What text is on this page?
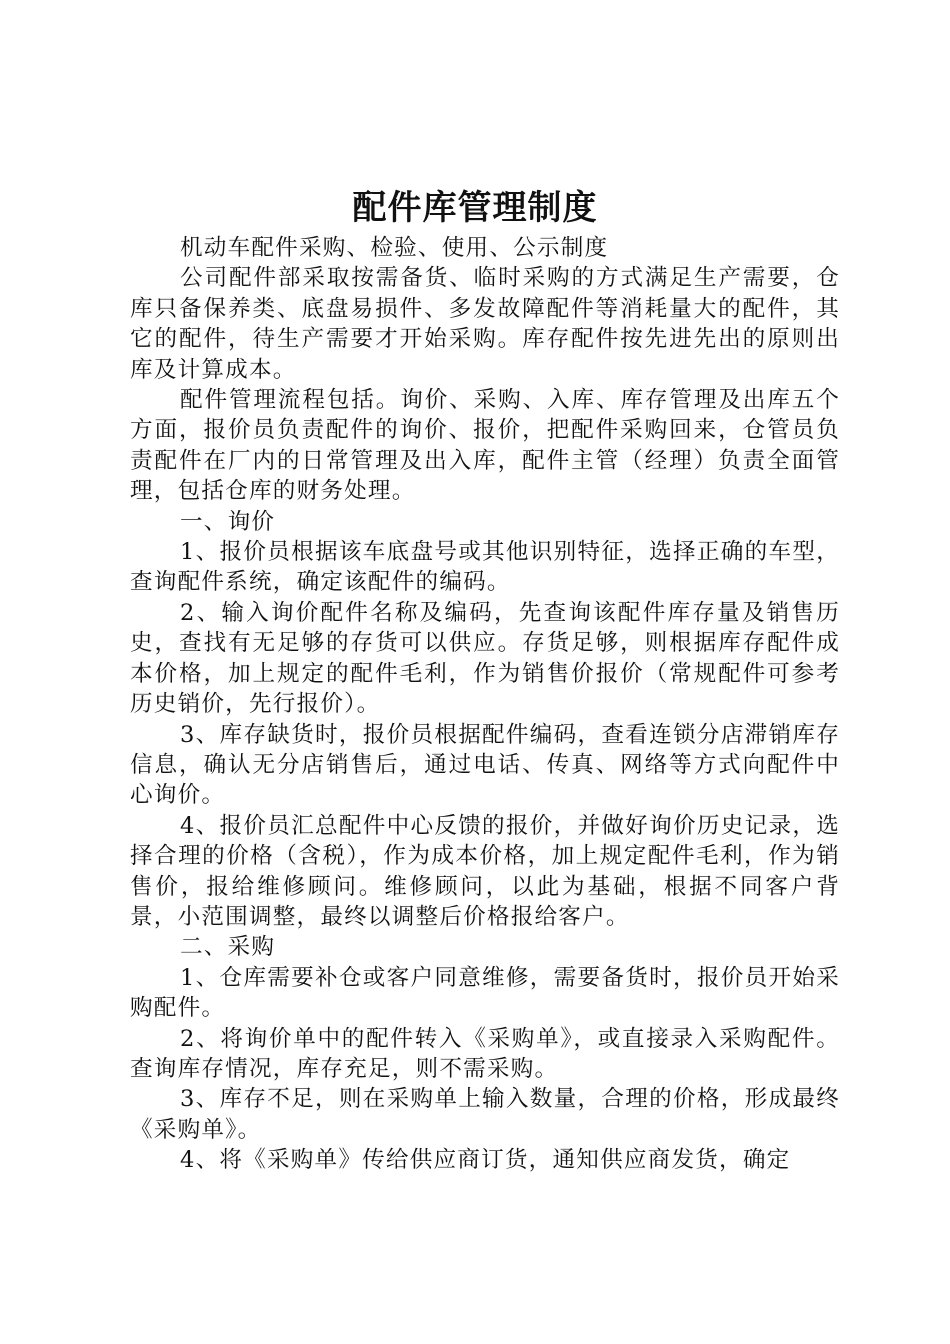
配件库管理制度

机动车配件采购、检验、使用、公示制度

公司配件部采取按需备货、临时采购的方式满足生产需要，仓库只备保养类、底盘易损件、多发故障配件等消耗量大的配件，其它的配件，待生产需要才开始采购。库存配件按先进先出的原则出库及计算成本。

配件管理流程包括。询价、采购、入库、库存管理及出库五个方面，报价员负责配件的询价、报价，把配件采购回来，仓管员负责配件在厂内的日常管理及出入库，配件主管（经理）负责全面管理，包括仓库的财务处理。

一、询价

1、报价员根据该车底盘号或其他识别特征，选择正确的车型，查询配件系统，确定该配件的编码。

2、输入询价配件名称及编码，先查询该配件库存量及销售历史，查找有无足够的存货可以供应。存货足够，则根据库存配件成本价格，加上规定的配件毛利，作为销售价报价（常规配件可参考历史销价，先行报价）。

3、库存缺货时，报价员根据配件编码，查看连锁分店滞销库存信息，确认无分店销售后，通过电话、传真、网络等方式向配件中心询价。

4、报价员汇总配件中心反馈的报价，并做好询价历史记录，选择合理的价格（含税），作为成本价格，加上规定配件毛利，作为销售价，报给维修顾问。维修顾问，以此为基础，根据不同客户背景，小范围调整，最终以调整后价格报给客户。

二、采购

1、仓库需要补仓或客户同意维修，需要备货时，报价员开始采购配件。

2、将询价单中的配件转入《采购单》，或直接录入采购配件。查询库存情况，库存充足，则不需采购。

3、库存不足，则在采购单上输入数量，合理的价格，形成最终《采购单》。

4、将《采购单》传给供应商订货，通知供应商发货，确定
